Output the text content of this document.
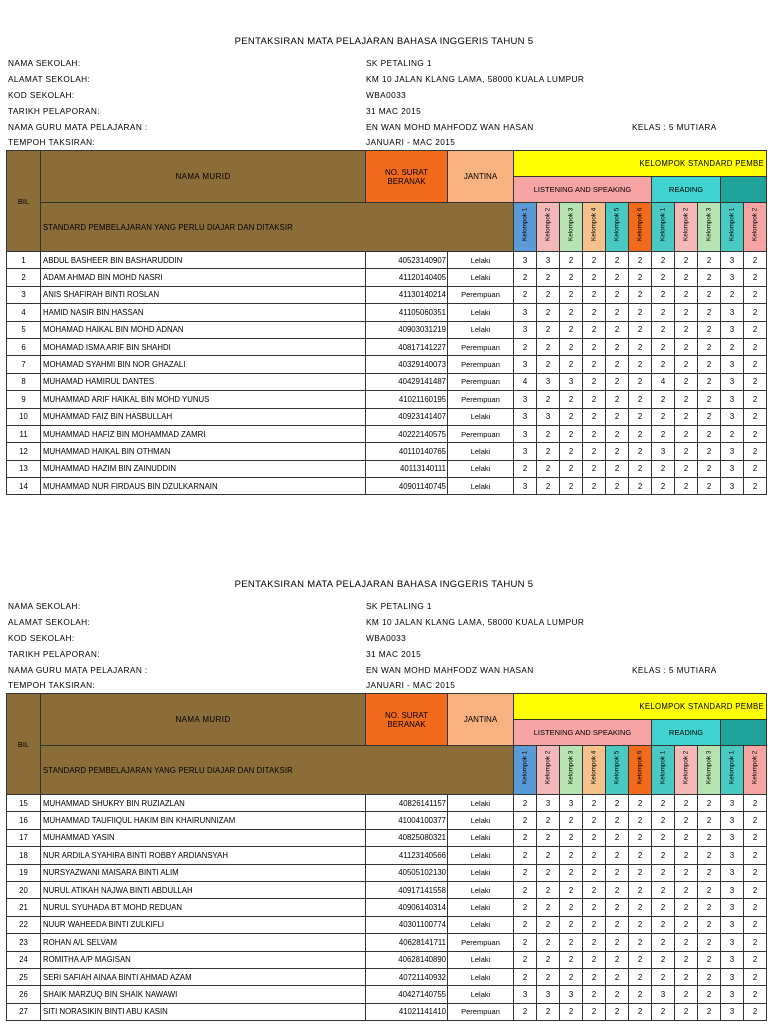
PENTAKSIRAN MATA PELAJARAN BAHASA INGGERIS TAHUN 5
NAMA SEKOLAH:	SK PETALING 1
ALAMAT SEKOLAH:	KM 10 JALAN KLANG LAMA, 58000 KUALA LUMPUR
KOD SEKOLAH:	WBA0033
TARIKH PELAPORAN:	31 MAC 2015
NAMA GURU MATA PELAJARAN :	EN WAN MOHD MAHFODZ WAN HASAN	KELAS : 5 MUTIARA
TEMPOH TAKSIRAN:	JANUARI - MAC 2015
BIL	NAMA MURID	NO. SURAT BERANAK	JANTINA	KELOMPOK STANDARD PEMBE										
				LISTENING AND SPEAKING						READING				
	STANDARD PEMBELAJARAN YANG PERLU DIAJAR DAN DITAKSIR			Kelompok 1	Kelompok 2	Kelompok 3	Kelompok 4	Kelompok 5	Kelompok 6	Kelompok 1	Kelompok 2	Kelompok 3	Kelompok 1	Kelompok 2

1	ABDUL BASHEER BIN BASHARUDDIN	40523140907	Lelaki	3	3	2	2	2	2	2	2	2	3	2
2	ADAM AHMAD BIN MOHD NASRI	41120140405	Lelaki	2	2	2	2	2	2	2	2	2	3	2
3	ANIS SHAFIRAH BINTI ROSLAN	41130140214	Perempuan	2	2	2	2	2	2	2	2	2	2	2
4	HAMID NASIR BIN HASSAN	41105060351	Lelaki	3	2	2	2	2	2	2	2	2	3	2
5	MOHAMAD HAIKAL BIN MOHD ADNAN	40903031219	Lelaki	3	2	2	2	2	2	2	2	2	3	2
6	MOHAMAD ISMA ARIF BIN SHAHDI	40817141227	Perempuan	2	2	2	2	2	2	2	2	2	2	2
7	MOHAMAD SYAHMI BIN NOR GHAZALI	40329140073	Perempuan	3	2	2	2	2	2	2	2	2	3	2
8	MUHAMAD HAMIRUL DANTES	40429141487	Perempuan	4	3	3	2	2	2	4	2	2	3	2
9	MUHAMMAD ARIF HAIKAL BIN MOHD YUNUS	41021160195	Perempuan	3	2	2	2	2	2	2	2	2	3	2
10	MUHAMMAD FAIZ BIN HASBULLAH	40923141407	Lelaki	3	3	2	2	2	2	2	2	2	3	2
11	MUHAMMAD HAFIZ BIN MOHAMMAD ZAMRI	40222140575	Perempuan	3	2	2	2	2	2	2	2	2	2	2
12	MUHAMMAD HAIKAL BIN OTHMAN	40110140765	Lelaki	3	2	2	2	2	2	3	2	2	3	2
13	MUHAMMAD HAZIM BIN ZAINUDDIN	40113140111	Lelaki	2	2	2	2	2	2	2	2	2	3	2
14	MUHAMMAD NUR FIRDAUS BIN DZULKARNAIN	40901140745	Lelaki	3	2	2	2	2	2	2	2	2	3	2
PENTAKSIRAN MATA PELAJARAN BAHASA INGGERIS TAHUN 5
NAMA SEKOLAH:	SK PETALING 1
ALAMAT SEKOLAH:	KM 10 JALAN KLANG LAMA, 58000 KUALA LUMPUR
KOD SEKOLAH:	WBA0033
TARIKH PELAPORAN:	31 MAC 2015
NAMA GURU MATA PELAJARAN :	EN WAN MOHD MAHFODZ WAN HASAN	KELAS : 5 MUTIARA
TEMPOH TAKSIRAN:	JANUARI - MAC 2015
BIL	NAMA MURID	NO. SURAT BERANAK	JANTINA	KELOMPOK STANDARD PEMBE										
				LISTENING AND SPEAKING						READING				
	STANDARD PEMBELAJARAN YANG PERLU DIAJAR DAN DITAKSIR			Kelompok 1	Kelompok 2	Kelompok 3	Kelompok 4	Kelompok 5	Kelompok 6	Kelompok 1	Kelompok 2	Kelompok 3	Kelompok 1	Kelompok 2

15	MUHAMMAD SHUKRY BIN RUZIAZLAN	40826141157	Lelaki	2	3	3	2	2	2	2	2	2	3	2
16	MUHAMMAD TAUFIIQUL HAKIM BIN KHAIRUNNIZAM	41004100377	Lelaki	2	2	2	2	2	2	2	2	2	3	2
17	MUHAMMAD YASIN	40825080321	Lelaki	2	2	2	2	2	2	2	2	2	3	2
18	NUR ARDILA SYAHIRA BINTI ROBBY ARDIANSYAH	41123140566	Lelaki	2	2	2	2	2	2	2	2	2	3	2
19	NURSYAZWANI MAISARA BINTI ALIM	40505102130	Lelaki	2	2	2	2	2	2	2	2	2	3	2
20	NURUL ATIKAH NAJWA BINTI ABDULLAH	40917141558	Lelaki	2	2	2	2	2	2	2	2	2	3	2
21	NURUL SYUHADA BT MOHD REDUAN	40906140314	Lelaki	2	2	2	2	2	2	2	2	2	3	2
22	NUUR WAHEEDA BINTI ZULKIFLI	40301100774	Lelaki	2	2	2	2	2	2	2	2	2	3	2
23	ROHAN A/L SELVAM	40628141711	Perempuan	2	2	2	2	2	2	2	2	2	3	2
24	ROMITHA A/P MAGISAN	40628140890	Lelaki	2	2	2	2	2	2	2	2	2	3	2
25	SERI SAFIAH AINAA BINTI AHMAD AZAM	40721140932	Lelaki	2	2	2	2	2	2	2	2	2	3	2
26	SHAIK MARZUQ BIN SHAIK NAWAWI	40427140755	Lelaki	3	3	3	2	2	2	3	2	2	3	2
27	SITI NORASIKIN BINTI ABU KASIN	41021141410	Perempuan	2	2	2	2	2	2	2	2	2	3	2
